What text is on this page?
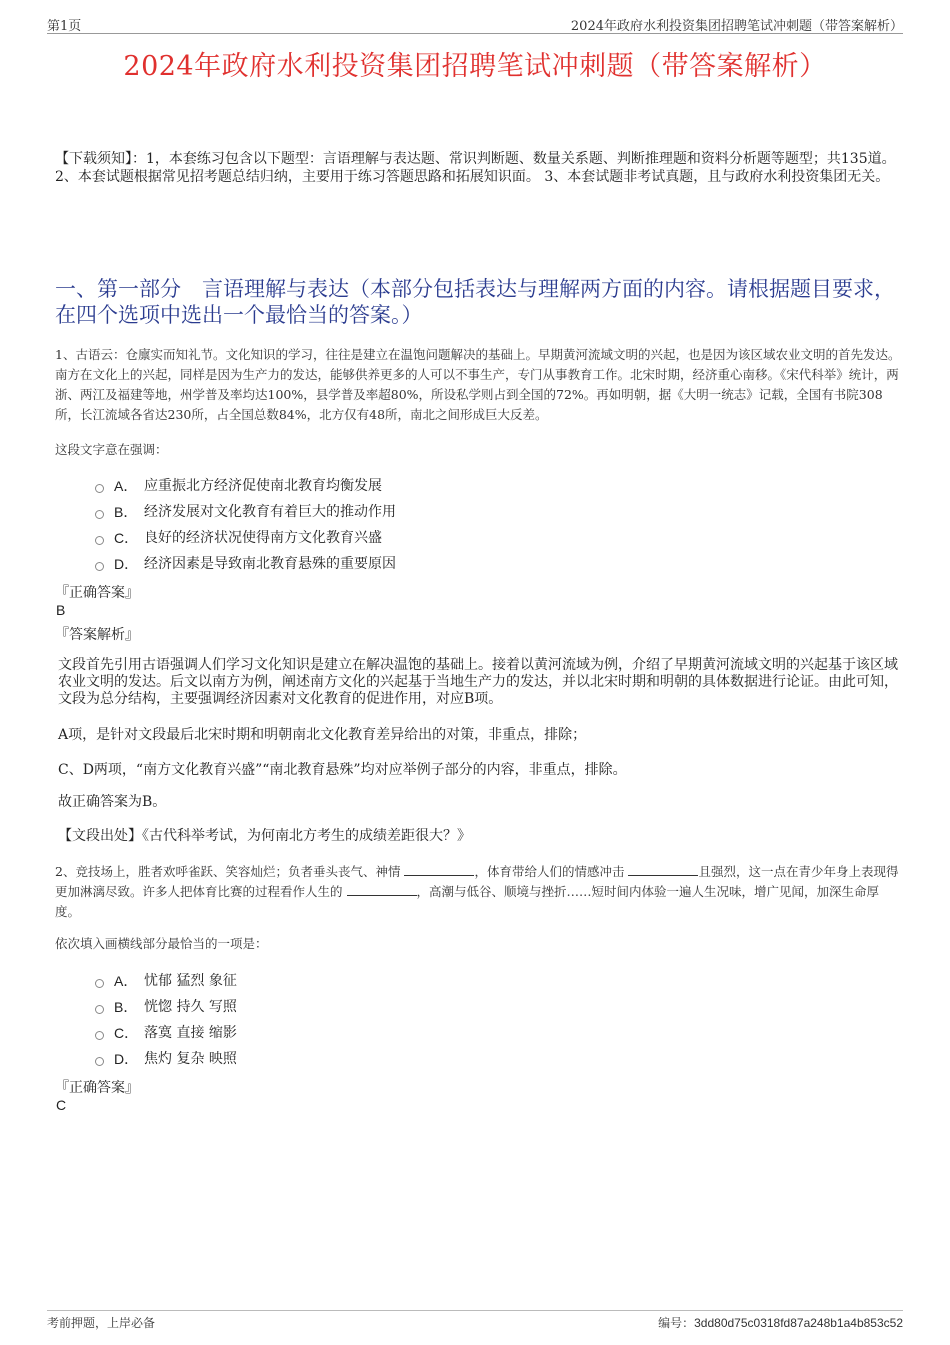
第1页	2024年政府水利投资集团招聘笔试冲刺题（带答案解析）
2024年政府水利投资集团招聘笔试冲刺题（带答案解析）
【下载须知】：1，本套练习包含以下题型：言语理解与表达题、常识判断题、数量关系题、判断推理题和资料分析题等题型；共135道。 2、本套试题根据常见招考题总结归纳，主要用于练习答题思路和拓展知识面。 3、本套试题非考试真题，且与政府水利投资集团无关。
一、第一部分　言语理解与表达（本部分包括表达与理解两方面的内容。请根据题目要求，在四个选项中选出一个最恰当的答案。）
1、古语云：仓廪实而知礼节。文化知识的学习，往往是建立在温饱问题解决的基础上。早期黄河流域文明的兴起，也是因为该区域农业文明的首先发达。南方在文化上的兴起，同样是因为生产力的发达，能够供养更多的人可以不事生产，专门从事教育工作。北宋时期，经济重心南移。《宋代科举》统计，两浙、两江及福建等地，州学普及率均达100%，县学普及率超80%，所设私学则占到全国的72%。再如明朝，据《大明一统志》记载，全国有书院308所，长江流域各省达230所，占全国总数84%，北方仅有48所，南北之间形成巨大反差。
这段文字意在强调：
A． 应重振北方经济促使南北教育均衡发展
B． 经济发展对文化教育有着巨大的推动作用
C． 良好的经济状况使得南方文化教育兴盛
D． 经济因素是导致南北教育悬殊的重要原因
『正确答案』
B
『答案解析』
文段首先引用古语强调人们学习文化知识是建立在解决温饱的基础上。接着以黄河流域为例，介绍了早期黄河流域文明的兴起基于该区域农业文明的发达。后文以南方为例，阐述南方文化的兴起基于当地生产力的发达，并以北宋时期和明朝的具体数据进行论证。由此可知，文段为总分结构，主要强调经济因素对文化教育的促进作用，对应B项。
A项，是针对文段最后北宋时期和明朝南北文化教育差异给出的对策，非重点，排除；
C、D两项，“南方文化教育兴盛”“南北教育悬殊”均对应举例子部分的内容，非重点，排除。
故正确答案为B。
【文段出处】《古代科举考试，为何南北方考生的成绩差距很大？》
2、竞技场上，胜者欢呼雀跃、笑容灿烂；负者垂头丧气、神情	，体育带给人们的情感冲击	且强烈，这一点在青少年身上表现得更加淋漓尽致。许多人把体育比赛的过程看作人生的	，高潮与低谷、顺境与挫折……短时间内体验一遍人生况味，增广见闻，加深生命厚度。
依次填入画横线部分最恰当的一项是：
A． 忧郁 猛烈 象征
B． 恍惚 持久 写照
C． 落寞 直接 缩影
D． 焦灼 复杂 映照
『正确答案』
C
考前押题，上岸必备	编号：3dd80d75c0318fd87a248b1a4b853c52
